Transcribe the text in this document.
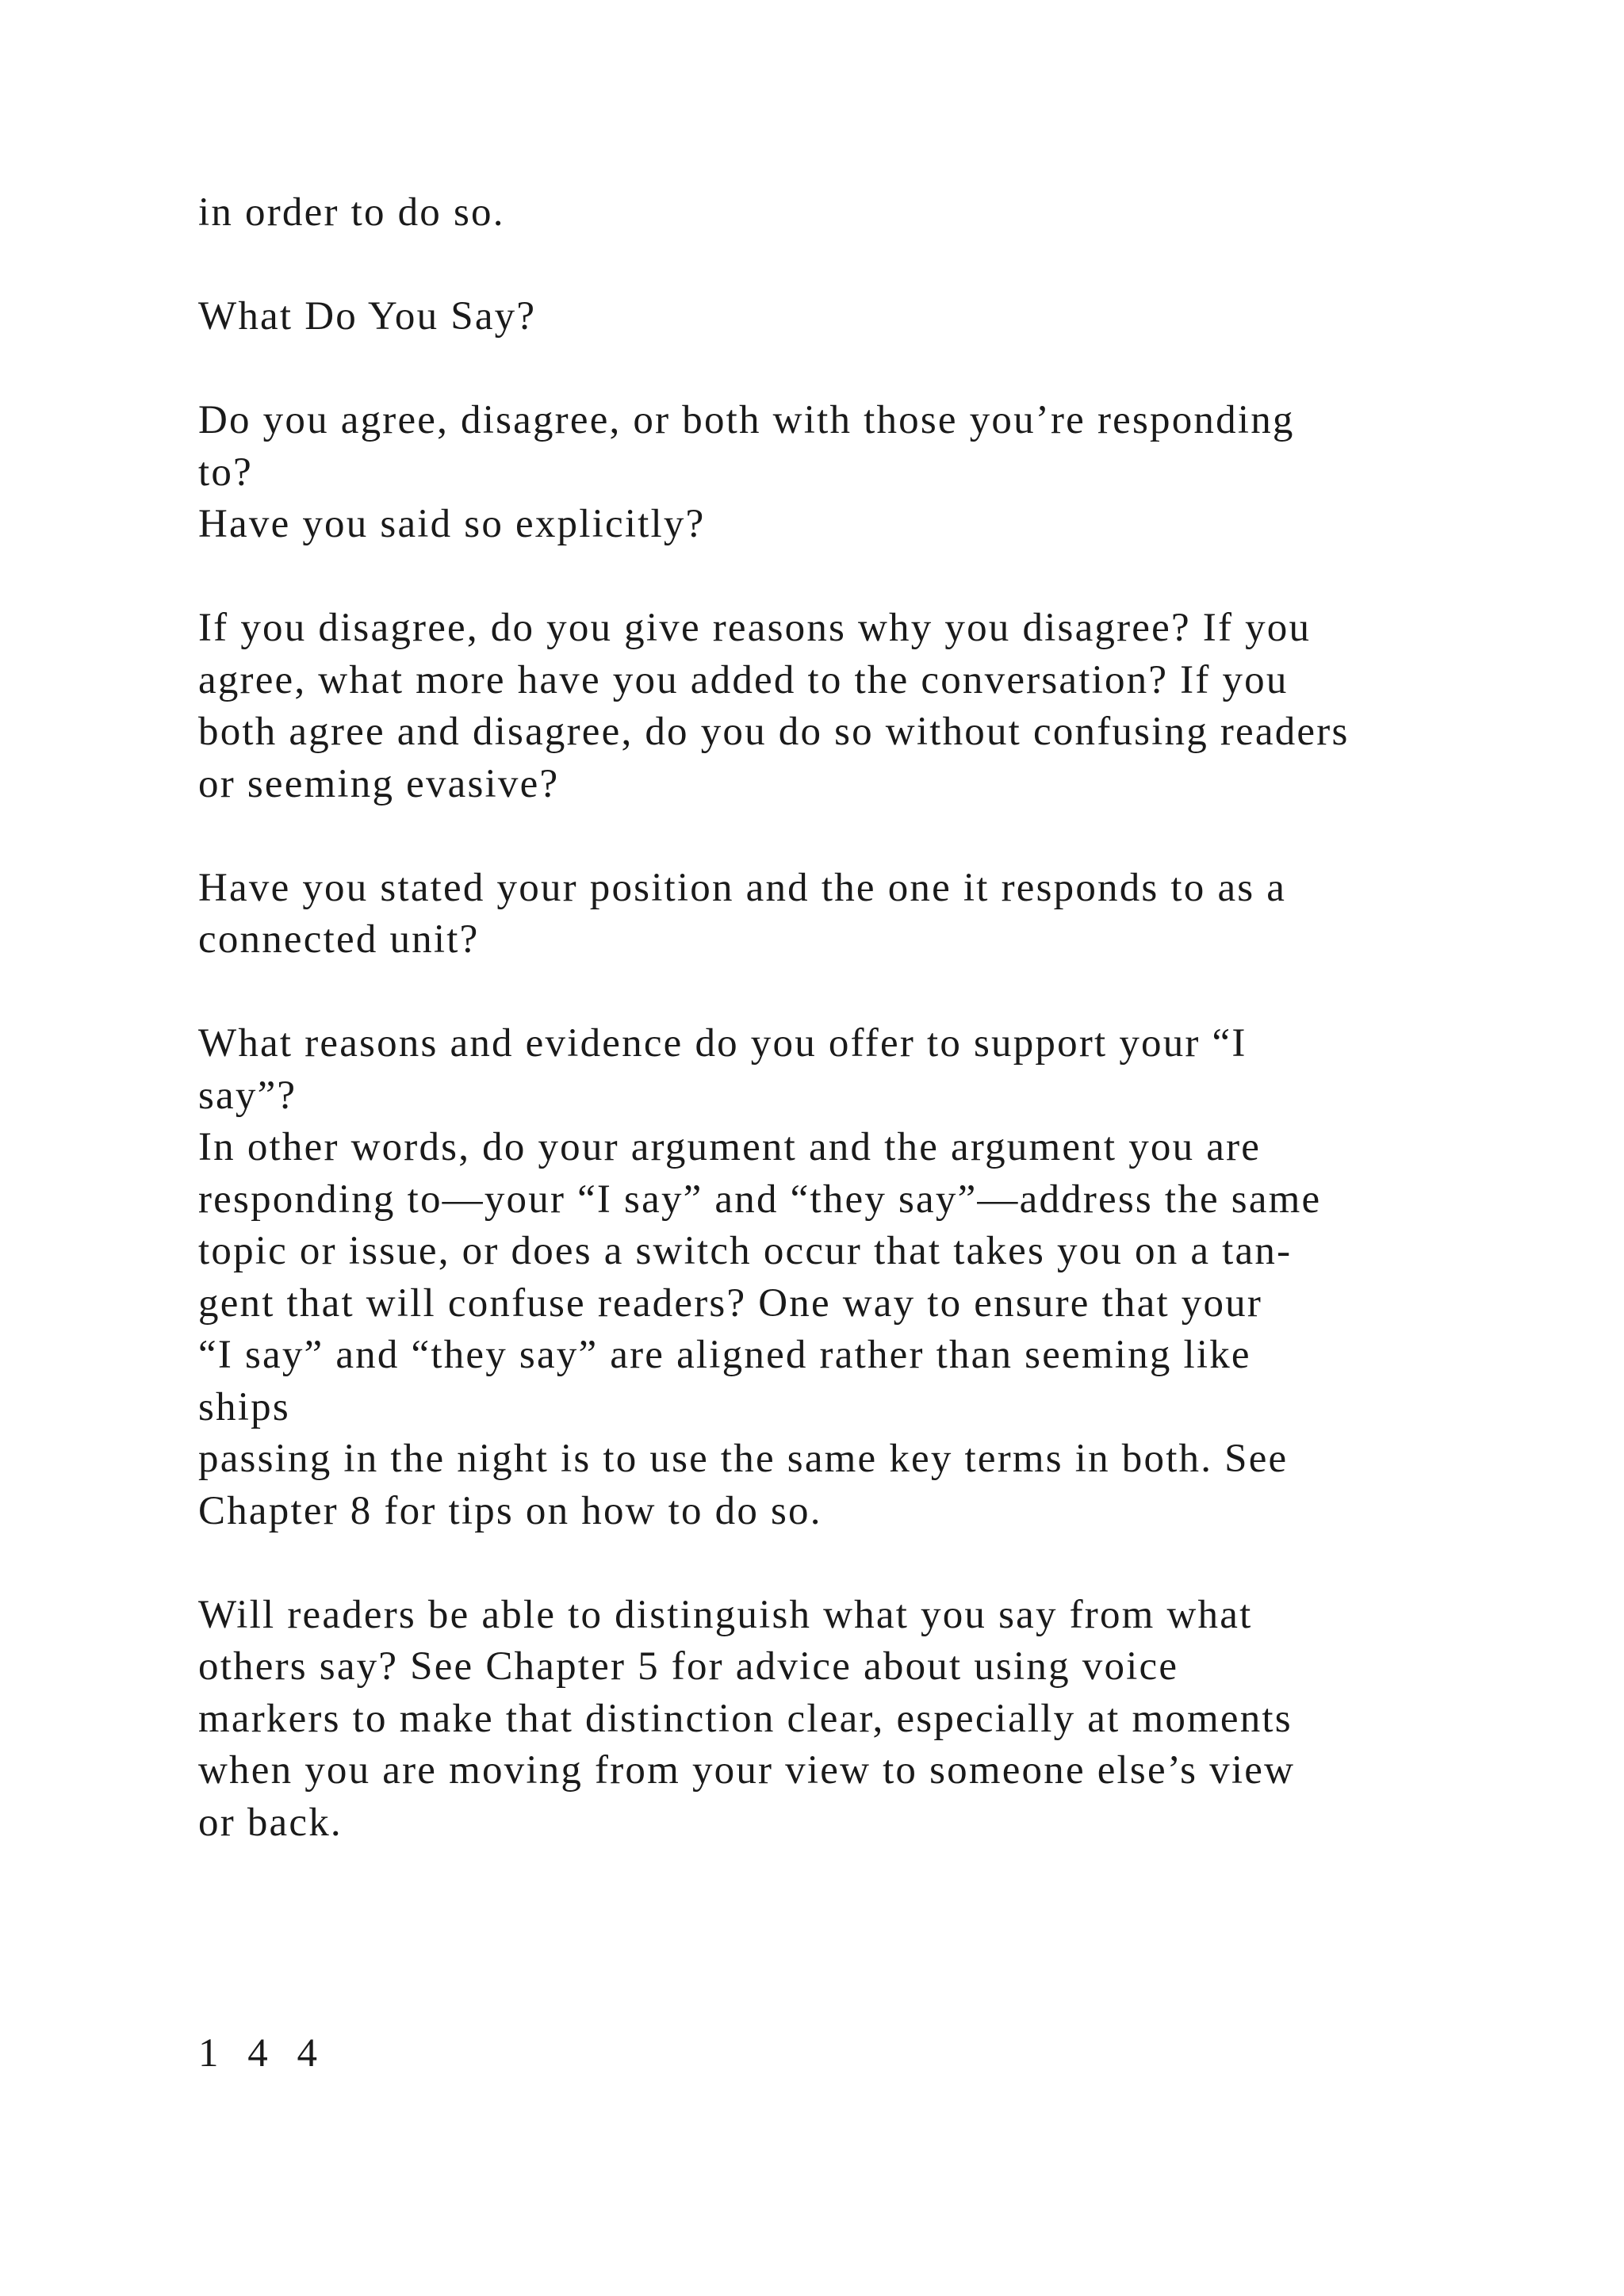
in order to do so.
What Do You Say?
Do you agree, disagree, or both with those you’re responding
to?
Have you said so explicitly?
If you disagree, do you give reasons why you disagree? If you
agree, what more have you added to the conversation? If you
both agree and disagree, do you do so without confusing readers
or seeming evasive?
Have you stated your position and the one it responds to as a
connected unit?
What reasons and evidence do you offer to support your “I
say”?
In other words, do your argument and the argument you are
responding to—your “I say” and “they say”—address the same
topic or issue, or does a switch occur that takes you on a tan-
gent that will confuse readers? One way to ensure that your
“I say” and “they say” are aligned rather than seeming like
ships
passing in the night is to use the same key terms in both. See
Chapter 8 for tips on how to do so.
Will readers be able to distinguish what you say from what
others say? See Chapter 5 for advice about using voice
markers to make that distinction clear, especially at moments
when you are moving from your view to someone else’s view
or back.
1 4 4
